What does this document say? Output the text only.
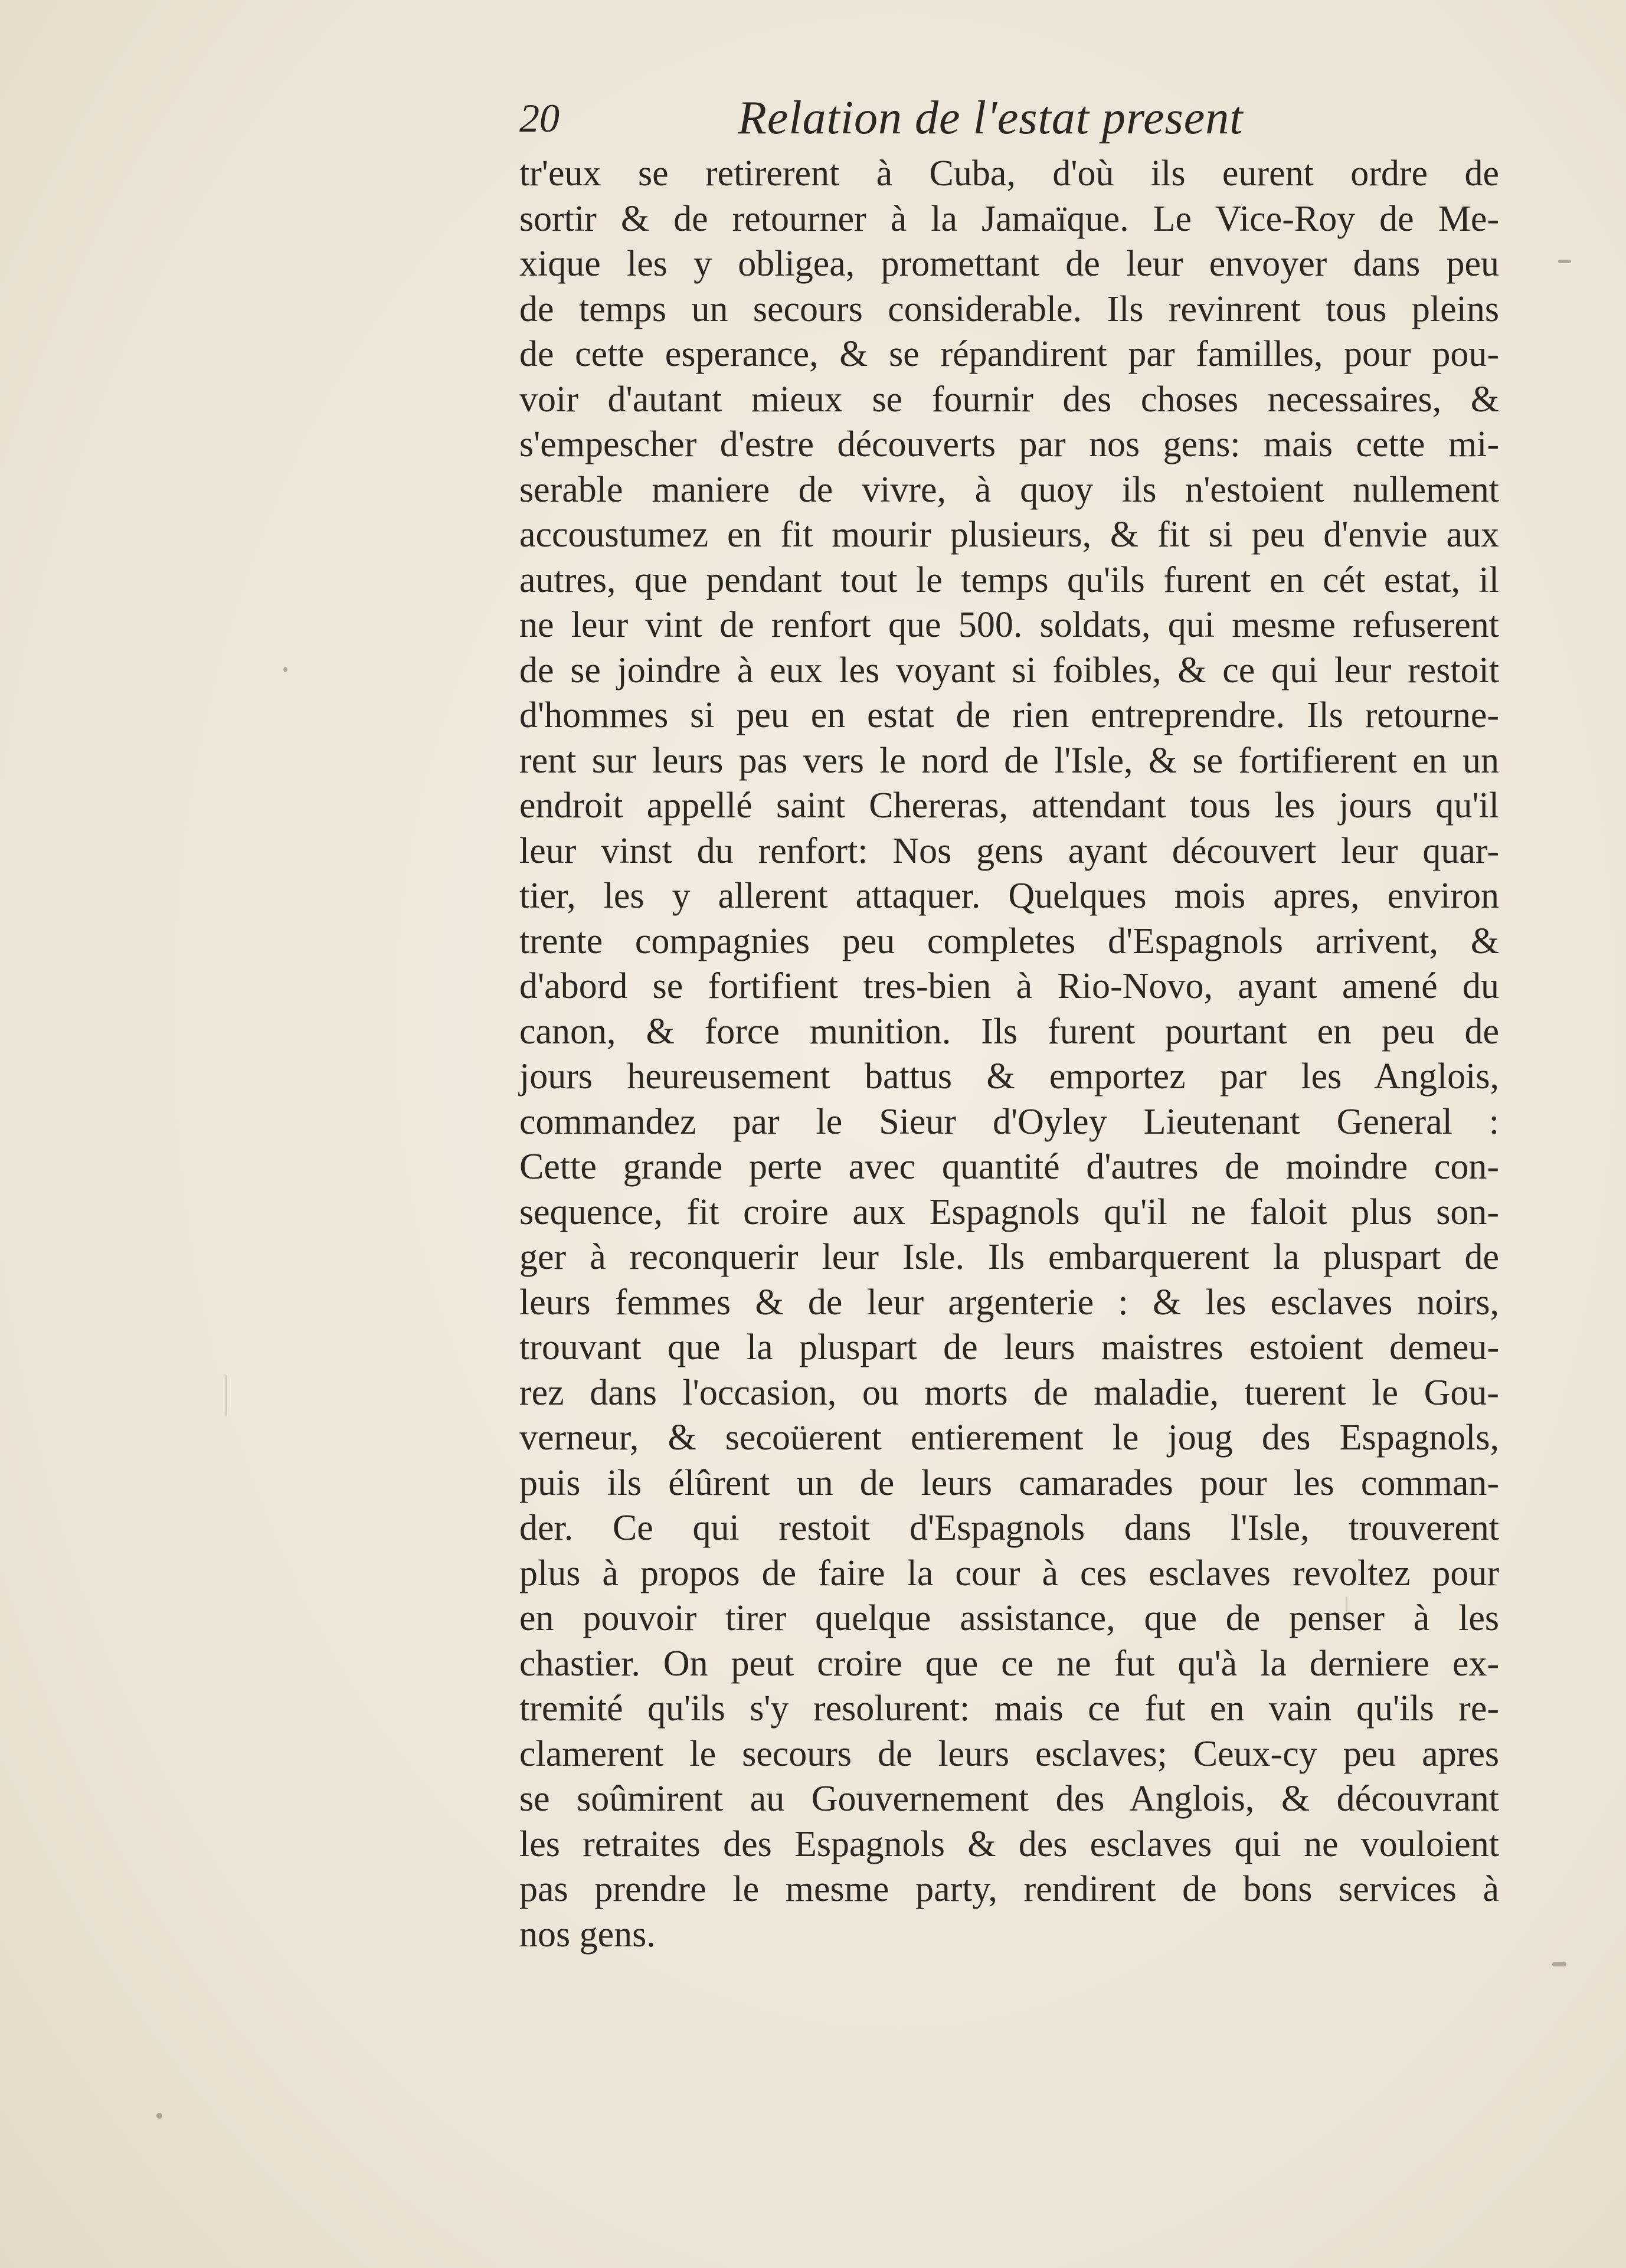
20	Relation de l'estat present
tr'eux se retirerent à Cuba, d'où ils eurent ordre de
sortir & de retourner à la Jamaïque. Le Vice-Roy de Me-
xique les y obligea, promettant de leur envoyer dans peu
de temps un secours considerable. Ils revinrent tous pleins
de cette esperance, & se répandirent par familles, pour pou-
voir d'autant mieux se fournir des choses necessaires, &
s'empescher d'estre découverts par nos gens: mais cette mi-
serable maniere de vivre, à quoy ils n'estoient nullement
accoustumez en fit mourir plusieurs, & fit si peu d'envie aux
autres, que pendant tout le temps qu'ils furent en cét estat, il
ne leur vint de renfort que 500. soldats, qui mesme refuserent
de se joindre à eux les voyant si foibles, & ce qui leur restoit
d'hommes si peu en estat de rien entreprendre. Ils retourne-
rent sur leurs pas vers le nord de l'Isle, & se fortifierent en un
endroit appellé saint Chereras, attendant tous les jours qu'il
leur vinst du renfort: Nos gens ayant découvert leur quar-
tier, les y allerent attaquer. Quelques mois apres, environ
trente compagnies peu completes d'Espagnols arrivent, &
d'abord se fortifient tres-bien à Rio-Novo, ayant amené du
canon, & force munition. Ils furent pourtant en peu de
jours heureusement battus & emportez par les Anglois,
commandez par le Sieur d'Oyley Lieutenant General :
Cette grande perte avec quantité d'autres de moindre con-
sequence, fit croire aux Espagnols qu'il ne faloit plus son-
ger à reconquerir leur Isle. Ils embarquerent la pluspart de
leurs femmes & de leur argenterie : & les esclaves noirs,
trouvant que la pluspart de leurs maistres estoient demeu-
rez dans l'occasion, ou morts de maladie, tuerent le Gou-
verneur, & secoüerent entierement le joug des Espagnols,
puis ils élûrent un de leurs camarades pour les comman-
der. Ce qui restoit d'Espagnols dans l'Isle, trouverent
plus à propos de faire la cour à ces esclaves revoltez pour
en pouvoir tirer quelque assistance, que de penser à les
chastier. On peut croire que ce ne fut qu'à la derniere ex-
tremité qu'ils s'y resolurent: mais ce fut en vain qu'ils re-
clamerent le secours de leurs esclaves; Ceux-cy peu apres
se soûmirent au Gouvernement des Anglois, & découvrant
les retraites des Espagnols & des esclaves qui ne vouloient
pas prendre le mesme party, rendirent de bons services à
nos gens.
